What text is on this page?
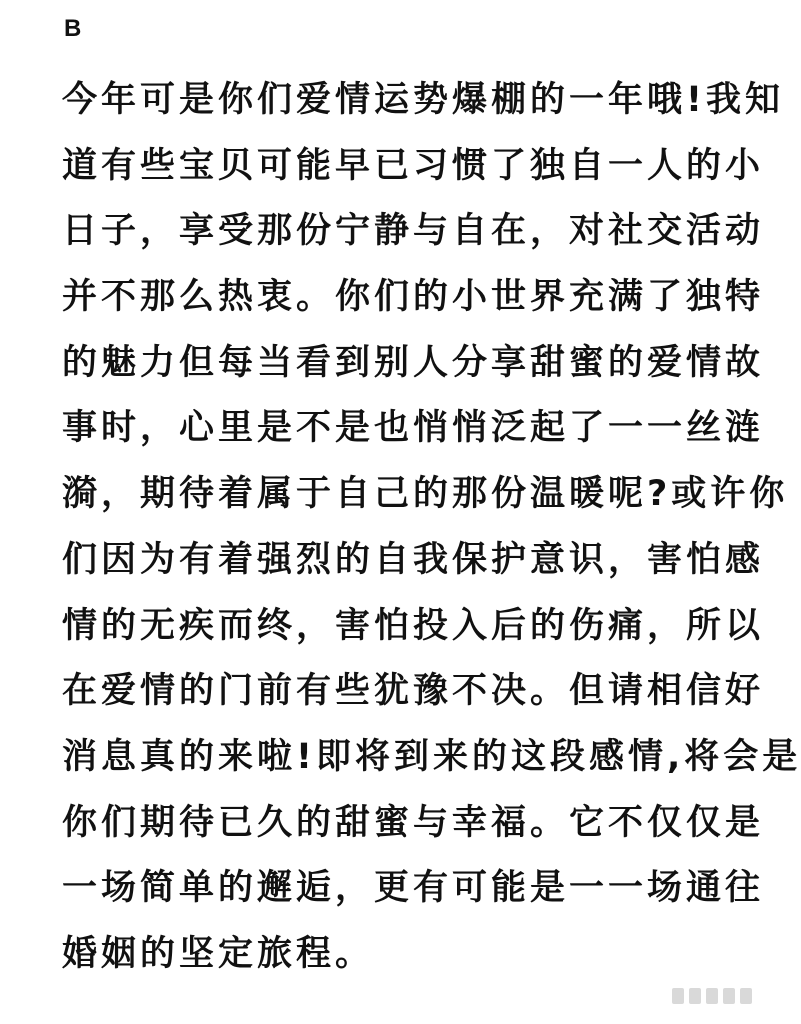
B
今年可是你们爱情运势爆棚的一年哦!我知
道有些宝贝可能早已习惯了独自一人的小
日子，享受那份宁静与自在，对社交活动
并不那么热衷。你们的小世界充满了独特
的魅力但每当看到别人分享甜蜜的爱情故
事时，心里是不是也悄悄泛起了一一丝涟
漪，期待着属于自己的那份温暖呢?或许你
们因为有着强烈的自我保护意识，害怕感
情的无疾而终，害怕投入后的伤痛，所以
在爱情的门前有些犹豫不决。但请相信好
消息真的来啦!即将到来的这段感情,将会是
你们期待已久的甜蜜与幸福。它不仅仅是
一场简单的邂逅，更有可能是一一场通往
婚姻的坚定旅程。
